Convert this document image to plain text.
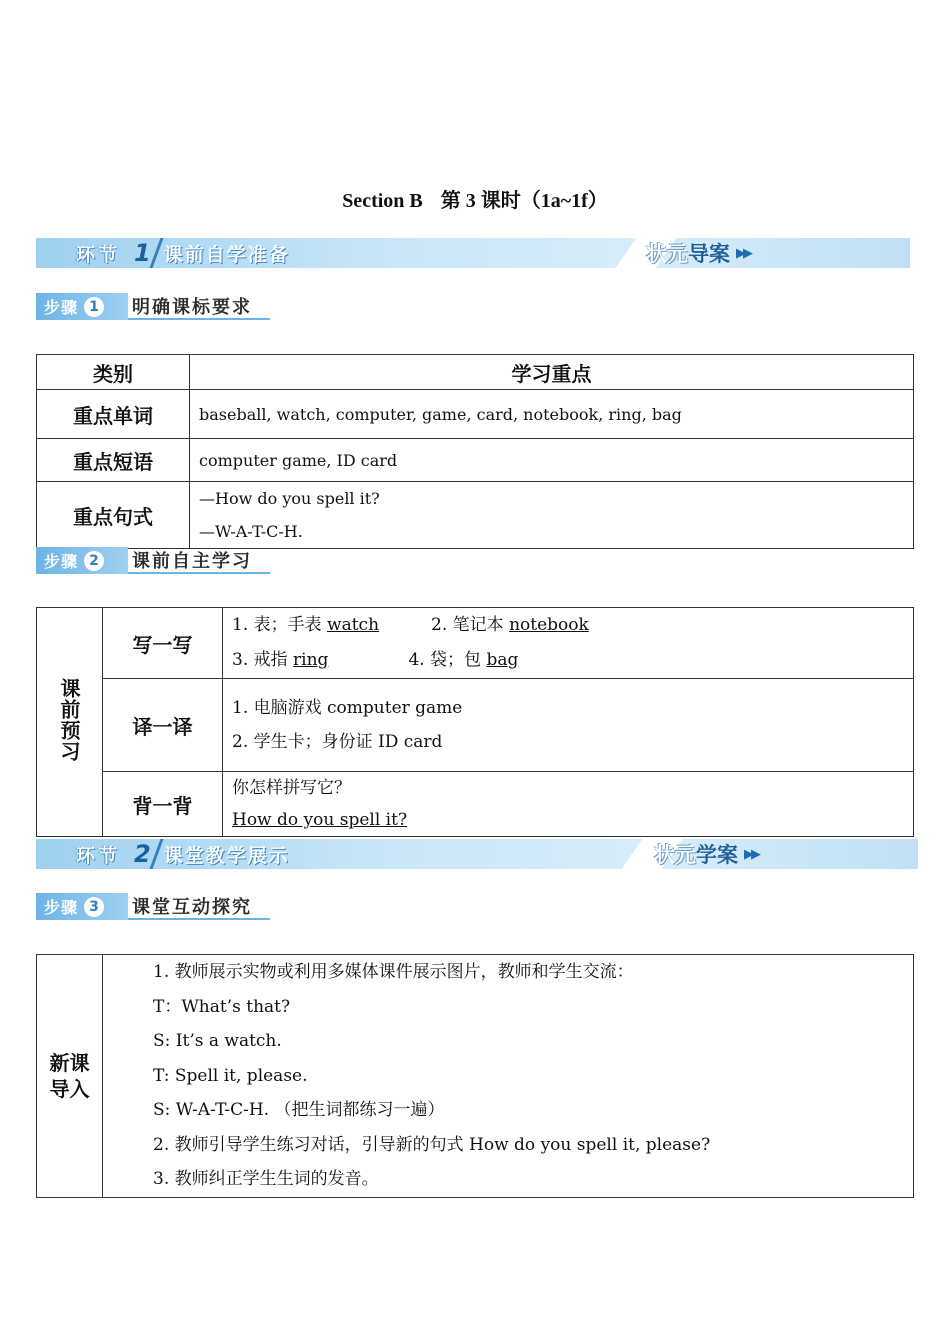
Section B 第 3 课时（1a~1f）
环节 1 课前自学准备	状元 导案 ▶▶
步骤 1 明确课标要求
类别	学习重点
重点单词	baseball, watch, computer, game, card, notebook, ring, bag
重点短语	computer game, ID card
重点句式	—How do you spell it?

—W-A-T-C-H.

步骤 2 课前自主学习
课前预习	写一写	1. 表；手表 watch 2. 笔记本 notebook

3. 戒指 ring 4. 袋；包 bag

	译一译	1. 电脑游戏 computer game

2. 学生卡；身份证 ID card

	背一背	你怎样拼写它？

How do you spell it?

环节 2 课堂教学展示	状元 学案 ▶▶
步骤 3 课堂互动探究
新课导入	

1. 教师展示实物或利用多媒体课件展示图片，教师和学生交流：

T：What’s that?

S: It’s a watch.

T: Spell it, please.

S: W-A-T-C-H. （把生词都练习一遍）

2. 教师引导学生练习对话，引导新的句式 How do you spell it, please?

3. 教师纠正学生生词的发音。
